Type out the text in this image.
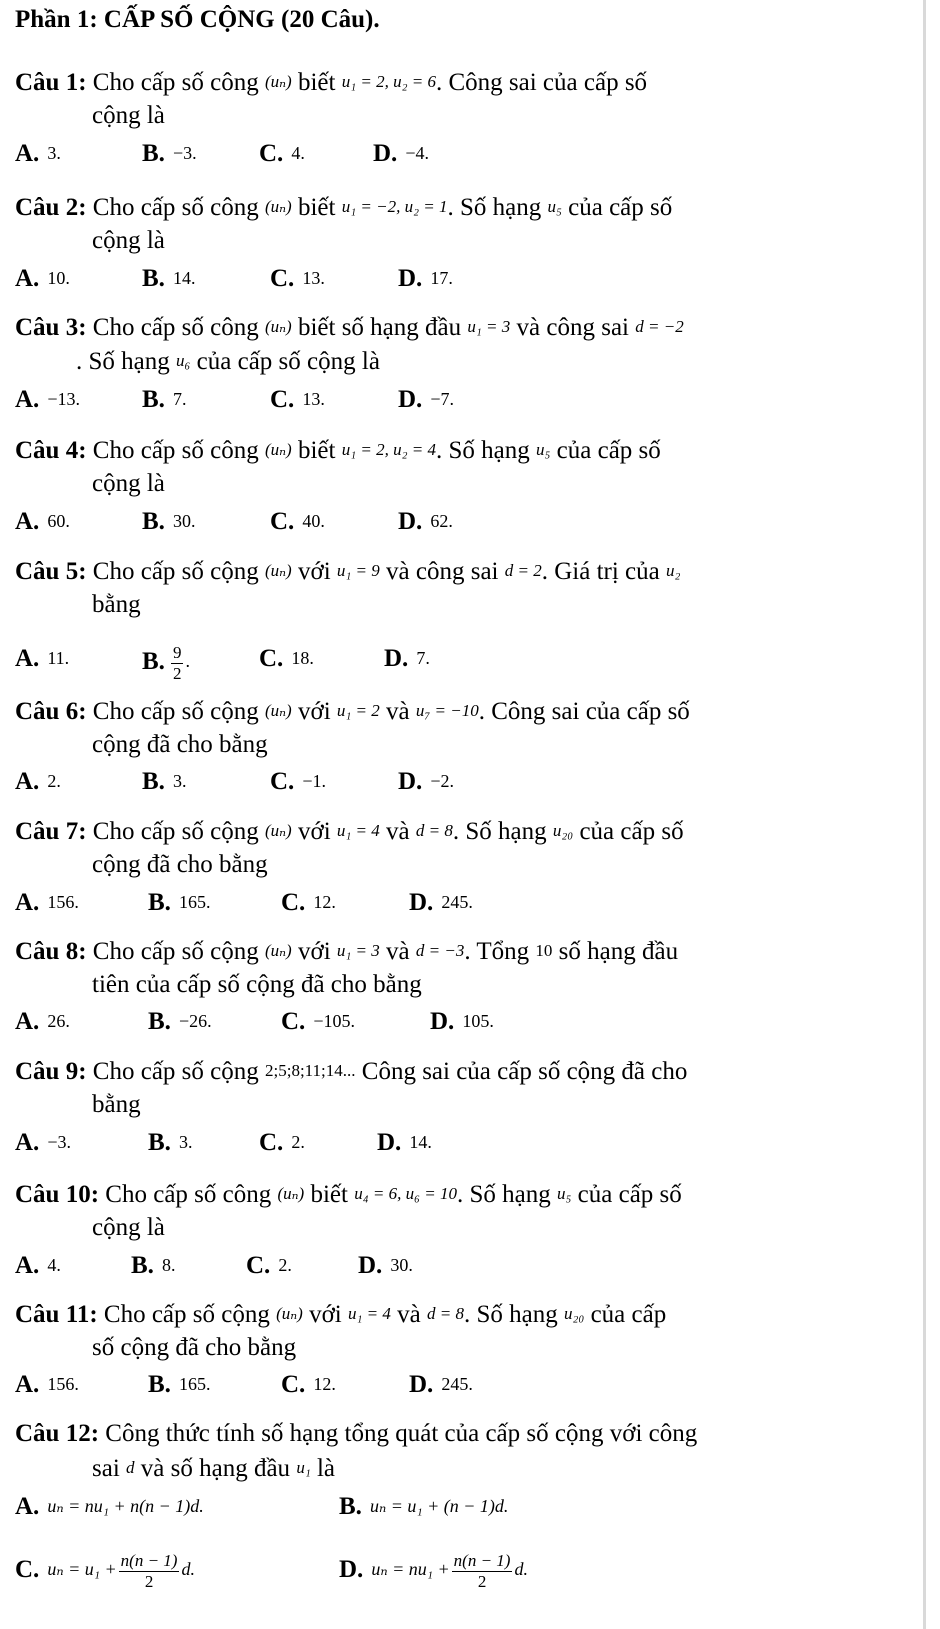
Phần 1: CẤP SỐ CỘNG (20 Câu).
Câu 1: Cho cấp số công (uₙ) biết u₁ = 2, u₂ = 6. Công sai của cấp số
cộng là
A. 3.	B. −3. C. 4.	D. −4.
Câu 2: Cho cấp số công (uₙ) biết u₁ = −2, u₂ = 1. Số hạng u₅ của cấp số
cộng là
A. 10.	B. 14.	C. 13.	D. 17.
Câu 3: Cho cấp số công (uₙ) biết số hạng đầu u₁ = 3 và công sai d = −2
. Số hạng u₆ của cấp số cộng là
A. −13. B. 7.	C. 13.	D. −7.
Câu 4: Cho cấp số công (uₙ) biết u₁ = 2, u₂ = 4. Số hạng u₅ của cấp số
cộng là
A. 60.	B. 30.	C. 40.	D. 62.
Câu 5: Cho cấp số cộng (uₙ) với u₁ = 9 và công sai d = 2. Giá trị của u₂
bằng
A. 11.	B. $\frac{9}{2}$ .	C. 18.	D. 7.
Câu 6: Cho cấp số cộng (uₙ) với u₁ = 2 và u₇ = −10. Công sai của cấp số
cộng đã cho bằng
A. 2.	B. 3.	C. −1.	D. −2.
Câu 7: Cho cấp số cộng (uₙ) với u₁ = 4 và d = 8. Số hạng u₂₀ của cấp số
cộng đã cho bằng
A. 156.	B. 165.	C. 12.	D. 245.
Câu 8: Cho cấp số cộng (uₙ) với u₁ = 3 và d = −3. Tổng 10 số hạng đầu
tiên của cấp số cộng đã cho bằng
A. 26.	B. −26.	C. −105.	D. 105.
Câu 9: Cho cấp số cộng 2;5;8;11;14... Công sai của cấp số cộng đã cho
bằng
A. −3.	B. 3.	C. 2.	D. 14.
Câu 10: Cho cấp số công (uₙ) biết u₄ = 6, u₆ = 10. Số hạng u₅ của cấp số
cộng là
A. 4.	B. 8.	C. 2.	D. 30.
Câu 11: Cho cấp số cộng (uₙ) với u₁ = 4 và d = 8. Số hạng u₂₀ của cấp
số cộng đã cho bằng
A. 156.	B. 165.	C. 12.	D. 245.
Câu 12: Công thức tính số hạng tổng quát của cấp số cộng với công
sai d và số hạng đầu u₁ là
A. uₙ = nu₁ + n(n − 1)d.	B. uₙ = u₁ + (n − 1)d.
C. $u_n = u_1 + \frac{n(n - 1)}{2} d$.	D. $u_n = nu_1 + \frac{n(n - 1)}{2} d$.
